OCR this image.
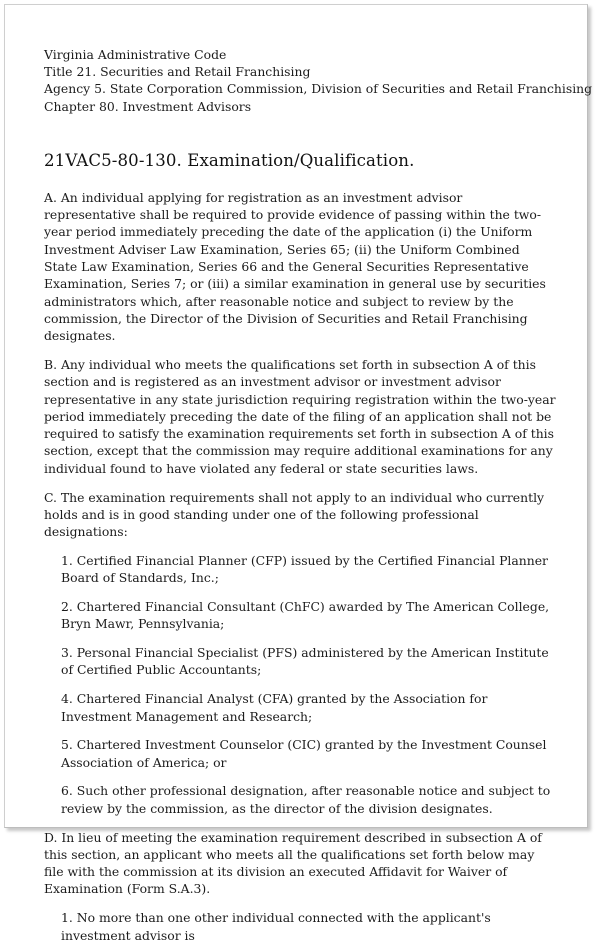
Virginia Administrative Code
Title 21. Securities and Retail Franchising
Agency 5. State Corporation Commission, Division of Securities and Retail Franchising
Chapter 80. Investment Advisors
21VAC5-80-130. Examination/Qualification.

A. An individual applying for registration as an investment advisor representative shall be required to provide evidence of passing within the two-year period immediately preceding the date of the application (i) the Uniform Investment Adviser Law Examination, Series 65; (ii) the Uniform Combined State Law Examination, Series 66 and the General Securities Representative Examination, Series 7; or (iii) a similar examination in general use by securities administrators which, after reasonable notice and subject to review by the commission, the Director of the Division of Securities and Retail Franchising designates.

B. Any individual who meets the qualifications set forth in subsection A of this section and is registered as an investment advisor or investment advisor representative in any state jurisdiction requiring registration within the two-year period immediately preceding the date of the filing of an application shall not be required to satisfy the examination requirements set forth in subsection A of this section, except that the commission may require additional examinations for any individual found to have violated any federal or state securities laws.

C. The examination requirements shall not apply to an individual who currently holds and is in good standing under one of the following professional designations:

1. Certified Financial Planner (CFP) issued by the Certified Financial Planner Board of Standards, Inc.;

2. Chartered Financial Consultant (ChFC) awarded by The American College, Bryn Mawr, Pennsylvania;

3. Personal Financial Specialist (PFS) administered by the American Institute of Certified Public Accountants;

4. Chartered Financial Analyst (CFA) granted by the Association for Investment Management and Research;

5. Chartered Investment Counselor (CIC) granted by the Investment Counsel Association of America; or

6. Such other professional designation, after reasonable notice and subject to review by the commission, as the director of the division designates.

D. In lieu of meeting the examination requirement described in subsection A of this section, an applicant who meets all the qualifications set forth below may file with the commission at its division an executed Affidavit for Waiver of Examination (Form S.A.3).

1. No more than one other individual connected with the applicant's investment advisor is
